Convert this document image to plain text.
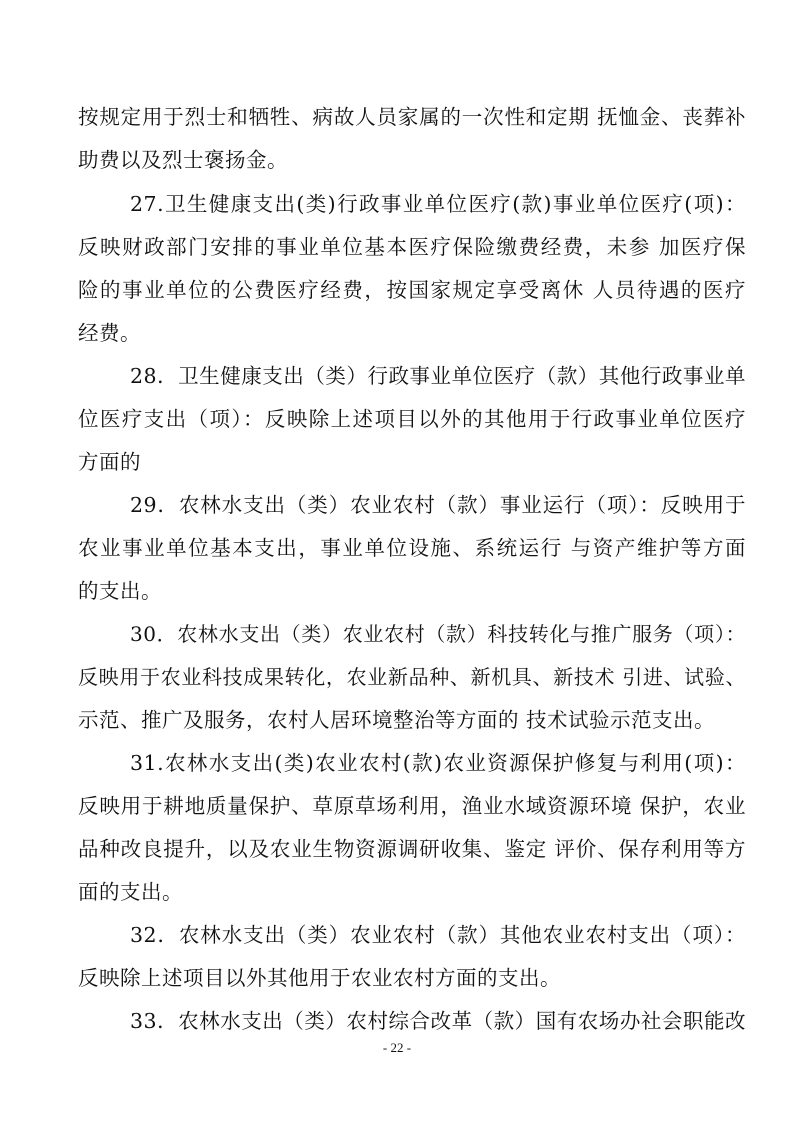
按规定用于烈士和牺牲、病故人员家属的一次性和定期 抚恤金、丧葬补
助费以及烈士褒扬金。
27.卫生健康支出(类)行政事业单位医疗(款)事业单位医疗(项)：
反映财政部门安排的事业单位基本医疗保险缴费经费，未参 加医疗保
险的事业单位的公费医疗经费，按国家规定享受离休 人员待遇的医疗
经费。
28．卫生健康支出（类）行政事业单位医疗（款）其他行政事业单
位医疗支出（项）：反映除上述项目以外的其他用于行政事业单位医疗
方面的
29．农林水支出（类）农业农村（款）事业运行（项）：反映用于
农业事业单位基本支出，事业单位设施、系统运行 与资产维护等方面
的支出。
30．农林水支出（类）农业农村（款）科技转化与推广服务（项）：
反映用于农业科技成果转化，农业新品种、新机具、新技术 引进、试验、
示范、推广及服务，农村人居环境整治等方面的 技术试验示范支出。
31.农林水支出(类)农业农村(款)农业资源保护修复与利用(项)：
反映用于耕地质量保护、草原草场利用，渔业水域资源环境 保护，农业
品种改良提升，以及农业生物资源调研收集、鉴定 评价、保存利用等方
面的支出。
32．农林水支出（类）农业农村（款）其他农业农村支出（项）：
反映除上述项目以外其他用于农业农村方面的支出。
33．农林水支出（类）农村综合改革（款）国有农场办社会职能改
- 22 -
